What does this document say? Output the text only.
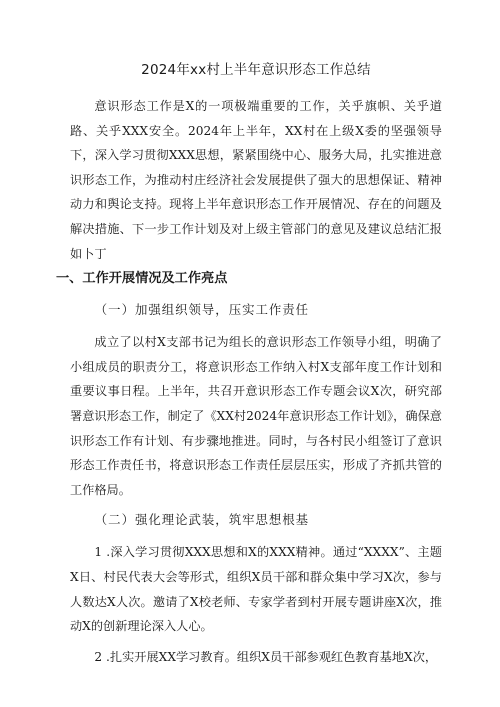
2024年xx村上半年意识形态工作总结

意识形态工作是X的一项极端重要的工作，关乎旗帜、关乎道路、关乎XXX安全。2024年上半年，XX村在上级X委的坚强领导下，深入学习贯彻XXX思想，紧紧围绕中心、服务大局，扎实推进意识形态工作，为推动村庄经济社会发展提供了强大的思想保证、精神动力和舆论支持。现将上半年意识形态工作开展情况、存在的问题及解决措施、下一步工作计划及对上级主管部门的意见及建议总结汇报如卜丁

一、工作开展情况及工作亮点
（一）加强组织领导，压实工作责任

成立了以村X支部书记为组长的意识形态工作领导小组，明确了小组成员的职责分工，将意识形态工作纳入村X支部年度工作计划和重要议事日程。上半年，共召开意识形态工作专题会议X次，研究部署意识形态工作，制定了《XX村2024年意识形态工作计划》，确保意识形态工作有计划、有步骤地推进。同时，与各村民小组签订了意识形态工作责任书，将意识形态工作责任层层压实，形成了齐抓共管的工作格局。

（二）强化理论武装，筑牢思想根基

1 .深入学习贯彻XXX思想和X的XXX精神。通过“XXXX”、主题X日、村民代表大会等形式，组织X员干部和群众集中学习X次，参与人数达X人次。邀请了X校老师、专家学者到村开展专题讲座X次，推动X的创新理论深入人心。

2 .扎实开展XX学习教育。组织X员干部参观红色教育基地X次，
